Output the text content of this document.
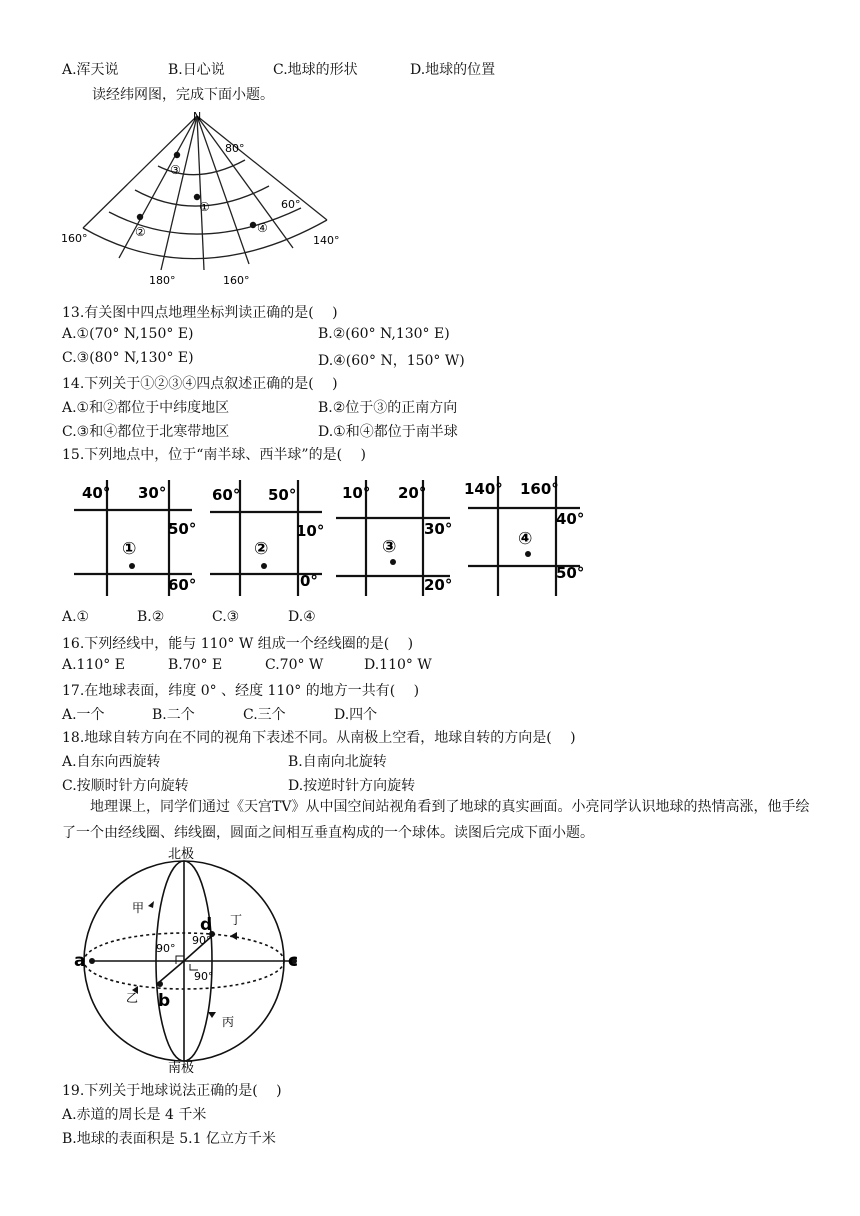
A.浑天说	B.日心说	C.地球的形状	D.地球的位置
读经纬网图，完成下面小题。
N
80°
60°
160°
180°	160°
140°
③
①
②	④
13.有关图中四点地理坐标判读正确的是(　 )
A.①(70° N,150° E)	B.②(60° N,130° E)
C.③(80° N,130° E)	D.④(60° N，150° W)
14.下列关于①②③④四点叙述正确的是(　 )
A.①和②都位于中纬度地区	B.②位于③的正南方向
C.③和④都位于北寒带地区	D.①和④都位于南半球
15.下列地点中，位于“南半球、西半球”的是(　 )
40° 30°
50°
60°
①
60° 50°
10°
0°
②
10° 20°
30°
20°
③
140° 160°
40°
50°
④
A.①	B.②	C.③	D.④
16.下列经线中，能与 110° W 组成一个经线圈的是(　 )
A.110° E	B.70° E	C.70° W	D.110° W
17.在地球表面，纬度 0° 、经度 110° 的地方一共有(　 )
A.一个	B.二个	C.三个	D.四个
18.地球自转方向在不同的视角下表述不同。从南极上空看，地球自转的方向是(　 )
A.自东向西旋转	B.自南向北旋转
C.按顺时针方向旋转	D.按逆时针方向旋转
地理课上，同学们通过《天宫TV》从中国空间站视角看到了地球的真实画面。小亮同学认识地球的热情高涨，他手绘了一个由经线圈、纬线圈，圆面之间相互垂直构成的一个球体。读图后完成下面小题。
北极
南极
甲
丁
乙
丙
90°
90°
90°
a	c
b
d
19.下列关于地球说法正确的是(　 )
A.赤道的周长是 4 千米
B.地球的表面积是 5.1 亿立方千米
